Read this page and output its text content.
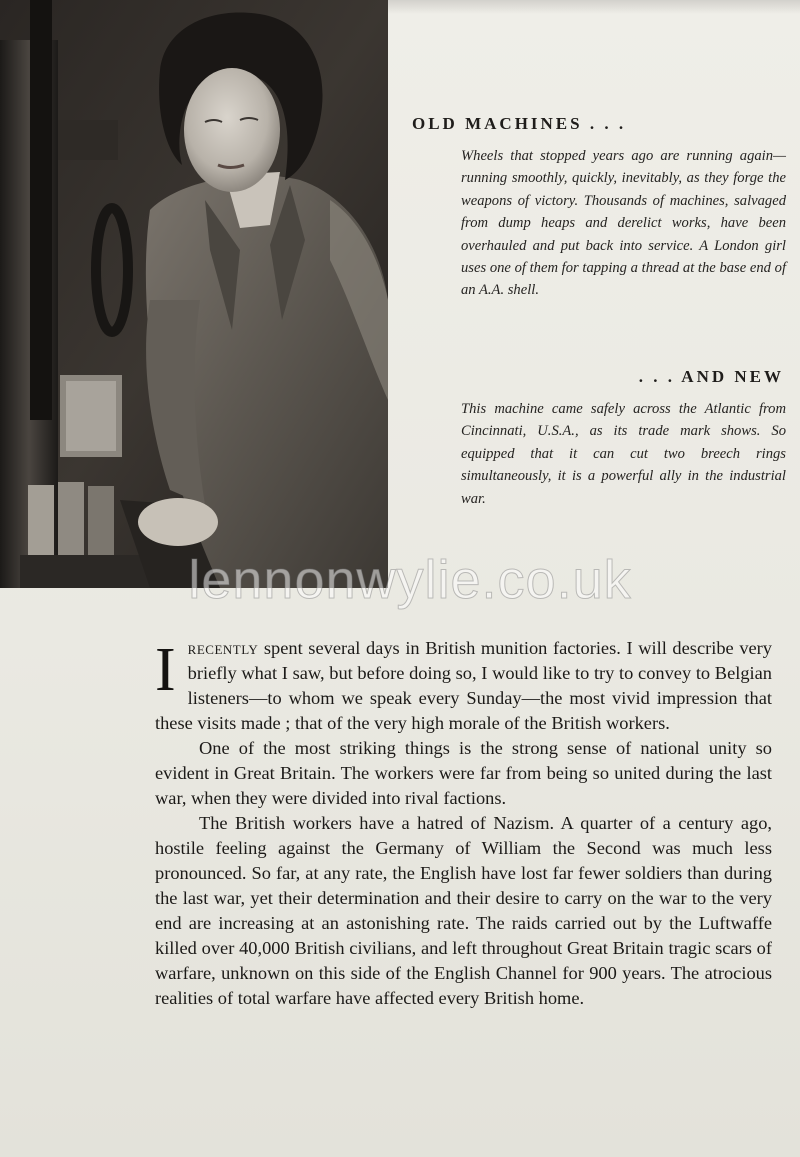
OLD MACHINES . . .

Wheels that stopped years ago are running again—running smoothly, quickly, inevitably, as they forge the weapons of victory. Thousands of machines, salvaged from dump heaps and derelict works, have been overhauled and put back into service. A London girl uses one of them for tapping a thread at the base end of an A.A. shell.

. . . AND NEW

This machine came safely across the Atlantic from Cincinnati, U.S.A., as its trade mark shows. So equipped that it can cut two breech rings simultaneously, it is a powerful ally in the industrial war.

lennonwylie.co.uk

Irecently spent several days in British munition factories. I will describe very briefly what I saw, but before doing so, I would like to try to convey to Belgian listeners—to whom we speak every Sunday—the most vivid impression that these visits made ; that of the very high morale of the British workers.

One of the most striking things is the strong sense of national unity so evident in Great Britain. The workers were far from being so united during the last war, when they were divided into rival factions.

The British workers have a hatred of Nazism. A quarter of a century ago, hostile feeling against the Germany of William the Second was much less pronounced. So far, at any rate, the English have lost far fewer soldiers than during the last war, yet their determination and their desire to carry on the war to the very end are increasing at an astonishing rate. The raids carried out by the Luftwaffe killed over 40,000 British civilians, and left throughout Great Britain tragic scars of warfare, unknown on this side of the English Channel for 900 years. The atrocious realities of total warfare have affected every British home.
